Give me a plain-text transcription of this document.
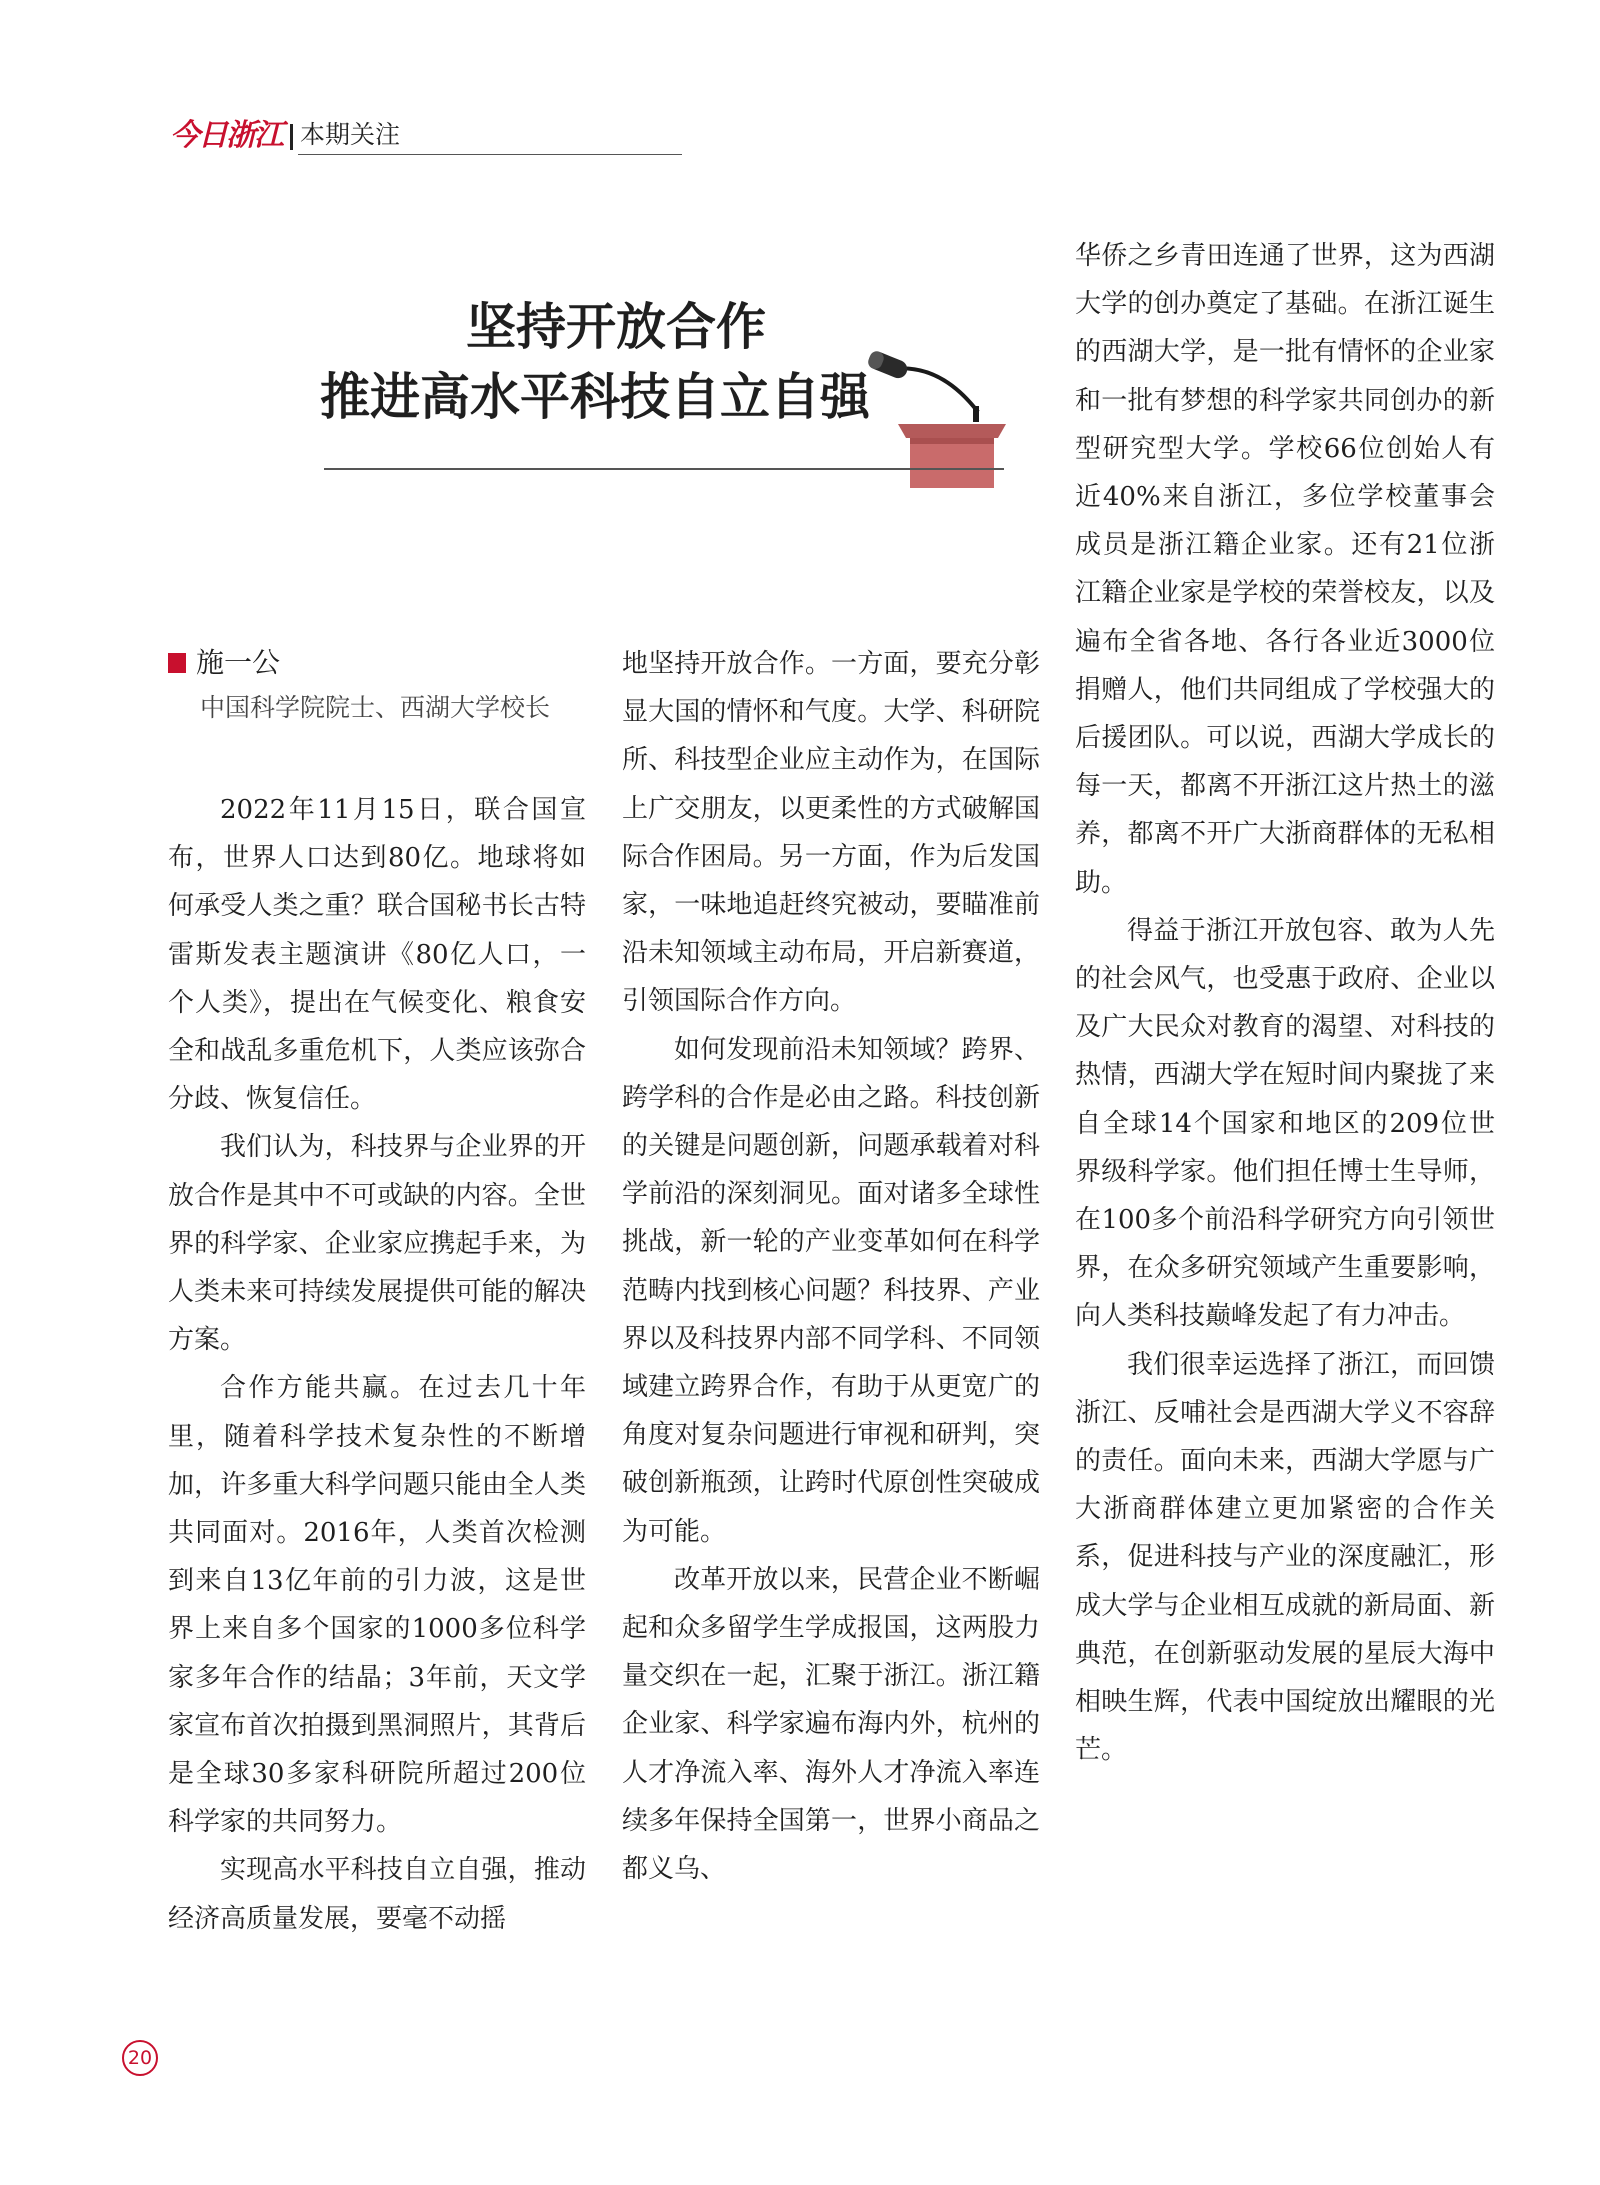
今日浙江 本期关注
坚持开放合作
推进高水平科技自立自强
施一公
中国科学院院士、西湖大学校长

2022年11月15日，联合国宣布，世界人口达到80亿。地球将如何承受人类之重？联合国秘书长古特雷斯发表主题演讲《80亿人口，一个人类》，提出在气候变化、粮食安全和战乱多重危机下，人类应该弥合分歧、恢复信任。

我们认为，科技界与企业界的开放合作是其中不可或缺的内容。全世界的科学家、企业家应携起手来，为人类未来可持续发展提供可能的解决方案。

合作方能共赢。在过去几十年里，随着科学技术复杂性的不断增加，许多重大科学问题只能由全人类共同面对。2016年，人类首次检测到来自13亿年前的引力波，这是世界上来自多个国家的1000多位科学家多年合作的结晶；3年前，天文学家宣布首次拍摄到黑洞照片，其背后是全球30多家科研院所超过200位科学家的共同努力。

实现高水平科技自立自强，推动经济高质量发展，要毫不动摇

地坚持开放合作。一方面，要充分彰显大国的情怀和气度。大学、科研院所、科技型企业应主动作为，在国际上广交朋友，以更柔性的方式破解国际合作困局。另一方面，作为后发国家，一味地追赶终究被动，要瞄准前沿未知领域主动布局，开启新赛道，引领国际合作方向。

如何发现前沿未知领域？跨界、跨学科的合作是必由之路。科技创新的关键是问题创新，问题承载着对科学前沿的深刻洞见。面对诸多全球性挑战，新一轮的产业变革如何在科学范畴内找到核心问题？科技界、产业界以及科技界内部不同学科、不同领域建立跨界合作，有助于从更宽广的角度对复杂问题进行审视和研判，突破创新瓶颈，让跨时代原创性突破成为可能。

改革开放以来，民营企业不断崛起和众多留学生学成报国，这两股力量交织在一起，汇聚于浙江。浙江籍企业家、科学家遍布海内外，杭州的人才净流入率、海外人才净流入率连续多年保持全国第一，世界小商品之都义乌、

华侨之乡青田连通了世界，这为西湖大学的创办奠定了基础。在浙江诞生的西湖大学，是一批有情怀的企业家和一批有梦想的科学家共同创办的新型研究型大学。学校66位创始人有近40%来自浙江，多位学校董事会成员是浙江籍企业家。还有21位浙江籍企业家是学校的荣誉校友，以及遍布全省各地、各行各业近3000位捐赠人，他们共同组成了学校强大的后援团队。可以说，西湖大学成长的每一天，都离不开浙江这片热土的滋养，都离不开广大浙商群体的无私相助。

得益于浙江开放包容、敢为人先的社会风气，也受惠于政府、企业以及广大民众对教育的渴望、对科技的热情，西湖大学在短时间内聚拢了来自全球14个国家和地区的209位世界级科学家。他们担任博士生导师，在100多个前沿科学研究方向引领世界，在众多研究领域产生重要影响，向人类科技巅峰发起了有力冲击。

我们很幸运选择了浙江，而回馈浙江、反哺社会是西湖大学义不容辞的责任。面向未来，西湖大学愿与广大浙商群体建立更加紧密的合作关系，促进科技与产业的深度融汇，形成大学与企业相互成就的新局面、新典范，在创新驱动发展的星辰大海中相映生辉，代表中国绽放出耀眼的光芒。

20
